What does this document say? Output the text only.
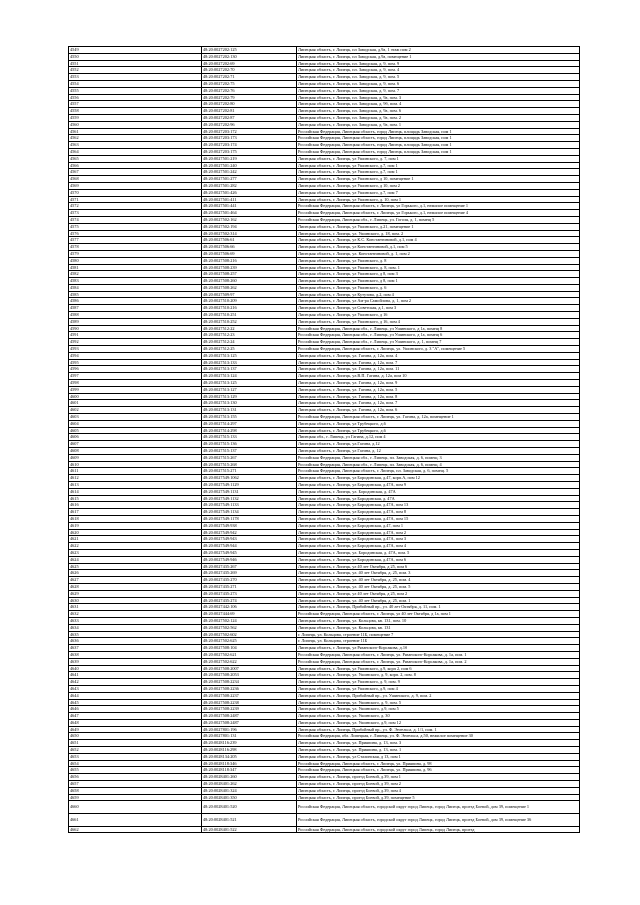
4549	48:20:0027202:125	Липецкая область, г. Липецк, пл Заводская, д.9а, 1 этаж пом 2
4550	48:20:0027202:130	Липецкая область, г. Липецк, пл Заводская, д.9а, помещение 1
4551	48:20:0027202:69	Липецкая область, г. Липецк, пл. Заводская, д. 9, пом. 9
4552	48:20:0027202:70	Липецкая область, г. Липецк, пл. Заводская, д. 9, пом. 4
4553	48:20:0027202:71	Липецкая область, г. Липецк, пл. Заводская, д. 9, пом. 5
4554	48:20:0027202:75	Липецкая область, г. Липецк, пл. Заводская, д. 9, пом. 6
4555	48:20:0027202:76	Липецкая область, г. Липецк, пл. Заводская, д. 9, пом. 7
4556	48:20:0027202:79	Липецкая область, г. Липецк, пл. Заводская, д. 9а, пом. 3
4557	48:20:0027202:80	Липецкая область, г. Липецк, пл. Заводская, д. 9б, пом. 4
4558	48:20:0027202:81	Липецкая область, г. Липецк, пл. Заводская, д. 9а, пом. 6
4559	48:20:0027202:87	Липецкая область, г. Липецк, пл. Заводская, д. 9а, пом. 2
4560	48:20:0027202:96	Липецкая область, г. Липецк, пл. Заводская, д. 9а, пом. 1
4561	48:20:0027203:172	Российская Федерация, Липецкая область, город Липецк, площадь Заводская, пом 1
4562	48:20:0027203:173	Российская Федерация, Липецкая область, город Липецк, площадь Заводская, пом 1
4563	48:20:0027203:174	Российская Федерация, Липецкая область, город Липецк, площадь Заводская, пом 1
4564	48:20:0027203:175	Российская Федерация, Липецкая область, город Липецк, площадь Заводская, пом 1
4565	48:20:0027501:219	Липецкая область, г. Липецк, ул Ушинского, д. 7, пом 1
4566	48:20:0027501:240	Липецкая область, г. Липецк, ул Ушинского, д.7, пом 1
4567	48:20:0027501:242	Липецкая область, г. Липецк, ул Ушинского, д.7, пом 1
4568	48:20:0027501:277	Липецкая область, г. Липецк, ул Ушинского, д 10, помещение 1
4569	48:20:0027501:282	Липецкая область, г. Липецк, ул Ушинского, д 10, пом 2
4570	48:20:0027501:426	Липецкая область, г. Липецк, ул Ушинского, д.7, пом 7
4571	48:20:0027501:411	Липецкая область, г. Липецк, ул Ушинского, д. 10, пом 1
4572	48:20:0027501:441	Российская Федерация, Липецкая область, г. Липецк, ул Горького, д.1, нежилое помещение 1
4573	48:20:0027501:464	Российская Федерация, Липецкая область, г. Липецк, ул Горького, д.1, нежилое помещение 4
4574	48:20:0027502:162	Российская Федерация, Липецкая обл., г. Липецк, ул. Гоголя, д. 1, помещ 5
4575	48:20:0027502:194	Липецкая область, г. Липецк, ул Ушинского, д.21, помещение 1
4576	48:20:0027502:314	Липецкая область, г. Липецк, ул. Ушинского, д. 18, пом. 2
4577	48:20:0027506:61	Липецкая область, г. Липецк, ул К.С. Константиновой, д.1, пом 4
4578	48:20:0027506:66	Липецкая область, г. Липецк, ул Константиновой, д.1, пом 5
4579	48:20:0027506:69	Липецкая область, г. Липецк, ул. Константиновой, д. 1, пом 2
4580	48:20:0027508:216	Липецкая область, г. Липецк, ул Ушинского, д. 8
4581	48:20:0027508:239	Липецкая область, г. Липецк, ул Ушинского, д. 8, пом. 1
4582	48:20:0027508:257	Липецкая область, г. Липецк, ул Ушинского, д 8, пом 3
4583	48:20:0027508:260	Липецкая область, г. Липецк, ул Ушинского, д 8, пом 1
4584	48:20:0027508:262	Липецкая область, г. Липецк, ул Ушинского, д. 6
4585	48:20:0027509:97	Липецкая область, г. Липецк, ул Кутузова, д.2, пом 4
4586	48:20:0027510:209	Липецкая область, г. Липецк, ул Ам-ра Самойлова, д. 1, пом 2
4587	48:20:0027510:216	Липецкая область, г. Липецк, ул Советская, д.1, пом 3
4588	48:20:0027510:251	Липецкая область, г. Липецк, ул Ушинского, д 16
4589	48:20:0027510:252	Липецкая область, г. Липецк, ул Ушинского, д 16, пом 4
4590	48:20:0027512:22	Российская Федерация, Липецкая обл., г. Липецк, ул Ушинского, д 1а, помещ 8
4591	48:20:0027512:23	Российская Федерация, Липецкая обл., г. Липецк, ул Ушинского, д 1а, помещ 6
4592	48:20:0027512:24	Российская Федерация, Липецкая обл., г. Липецк, ул Ушинского, д. 1, помещ 7
4593	48:20:0027512:25	Российская Федерация, Липецкая область, г. Липецк, ул. Ушинского, д. 3 "А", помещение 5
4594	48:20:0027513:125	Липецкая область, г. Липецк, ул. Гагина, д. 12а, пом. 4
4595	48:20:0027513:133	Липецкая область, г. Липецк, ул. Гагина, д. 12а, пом. 7
4596	48:20:0027513:137	Липецкая область, г. Липецк, ул. Гагина, д. 12а, пом. 11
4597	48:20:0027513:124	Липецкая область, г. Липецк, ул.В.П. Гагина, д. 12а, пом 10
4598	48:20:0027513:125	Липецкая область, г. Липецк, ул. Гагина, д. 12а, пом. 9
4599	48:20:0027513:127	Липецкая область, г. Липецк, ул. Гагина, д. 12а, пом. 5
4600	48:20:0027513:129	Липецкая область, г. Липецк, ул. Гагина, д. 12а, пом. 8
4601	48:20:0027513:130	Липецкая область, г. Липецк, ул. Гагина, д. 12а, пом. 7
4602	48:20:0027513:131	Липецкая область, г. Липецк, ул. Гагина, д. 12а, пом. 6
4603	48:20:0027513:155	Российская Федерация, Липецкая область, г. Липецк, ул. Гагина, д. 12а, помещение 1
4604	48:20:0027514:297	Липецкая область, г. Липецк, ул Трубецкого, д.6
4605	48:20:0027514:298	Липецкая область, г. Липецк, ул Трубецкого, д.6
4606	48:20:0027515:133	Липецкая обл., г. Липецк, ул Гагина, д.12, пом 4
4607	48:20:0027515:136	Липецкая область, г. Липецк, ул.Гагина, д.12
4608	48:20:0027515:137	Липецкая область, г. Липецк, ул Гагина, д. 12
4609	48:20:0027515:267	Российская Федерация, Липецкая обл., г. Липецк, пл. Заводская, д. 6, помещ. 3
4610	48:20:0027515:268	Российская Федерация, Липецкая обл., г. Липецк, пл. Заводская, д. 6, помещ. 4
4611	48:20:0027515:271	Российская Федерация, Липецкая область, г. Липецк, пл. Заводская, д. 6, помещ. 5
4612	48:20:0027549:1062	Липецкая область, г. Липецк, ул Бородинская, д.47, корп.А, пом 12
4613	48:20:0027549:1129	Липецкая область, г. Липецк, ул Бородинская, д.47А, пом 9
4614	48:20:0027549:1131	Липецкая область, г. Липецк, ул. Бородинская, д. 47А
4615	48:20:0027549:1132	Липецкая область, г. Липецк, ул Бородинская, д. 47А
4616	48:20:0027549:1133	Липецкая область, г. Липецк, ул Бородинская, д.47А, пом 13
4617	48:20:0027549:1134	Липецкая область, г. Липецк, ул Бородинская, д.47А, пом 8
4618	48:20:0027549:1178	Липецкая область, г. Липецк, ул Бородинская, д.47А, пом 15
4619	48:20:0027549:938	Липецкая область, г. Липецк, ул Бородинская, д.47, пом 1
4620	48:20:0027549:942	Липецкая область, г. Липецк, ул Бородинская, д.47А, пом 2
4621	48:20:0027549:943	Липецкая область, г. Липецк, ул Бородинская, д.47А, пом 3
4622	48:20:0027549:944	Липецкая область, г. Липецк, ул Бородинская, д.47А, пом 4
4623	48:20:0027549:945	Липецкая область, г. Липецк, ул. Бородинская, д. 47А, пом. 5
4624	48:20:0027549:946	Липецкая область, г. Липецк, ул Бородинская, д.47А, пом 6
4625	48:20:0027435:267	Липецкая область, г. Липецк, ул 40 лет Октября, д 25, пом 6
4626	48:20:0027435:269	Липецкая область, г. Липецк, ул. 40 лет Октября, д. 25, пом. 3
4627	48:20:0027435:270	Липецкая область, г. Липецк, ул. 40 лет Октября, д. 25, пом. 4
4628	48:20:0027435:271	Липецкая область, г. Липецк, ул. 40 лет Октября, д. 25, пом. 5
4629	48:20:0027435:273	Липецкая область, г. Липецк, ул 40 лет Октября, д 25, пом 2
4630	48:20:0027435:274	Липецкая область, г. Липецк, ул. 40 лет Октября, д. 25, пом. 1
4631	48:20:0027442:106	Липецкая область, г. Липецк, Прибойный пр., ул. 40 лет Октября, д. 11, пом. 1
4632	48:20:0027444:69	Российская Федерация, Липецкая область, г. Липецк, ул 40 лет Октября, д 1а, пом 1
4633	48:20:0027502:124	Липецкая область, г. Липецк, ул. Кольцова, кв. 131, пом. 10
4634	48:20:0027502:562	Липецкая область, г. Липецк, ул. Кольцова, кв. 131
4635	48:20:0027502:602	г. Липецк, ул. Кольцова, строение 11Б, помещение 7
4636	48:20:0027502:625	г. Липецк, ул. Кольцова, строение 11Б
4637	48:20:0027508:104	Липецкая область, г. Липецк, ул Рязанского-Корсакова, д.1б
4638	48:20:0027502:621	Российская Федерация, Липецкая область, г. Липецк, ул. Рязанского-Корсакова, д. 1а, пом. 1
4639	48:20:0027502:622	Российская Федерация, Липецкая область, г. Липецк, ул. Рязанского-Корсакова, д. 1а, пом. 2
4640	48:20:0027508:2007	Липецкая область, г. Липецк, ул Ушинского, д.9, корп 2, пом 6
4641	48:20:0027508:2053	Липецкая область, г. Липецк, ул. Ушинского, д. 9, корп. 2, пом. 8
4642	48:20:0027508:2234	Липецкая область, г. Липецк, ул Ушинского, д. 9, пом. 9
4643	48:20:0027508:2236	Липецкая область, г. Липецк, ул Ушинского, д.9, пом 4
4644	48:20:0027508:2237	Липецкая область, г. Липецк, Прибойный пр., ул. Ушинского, д. 9, пом. 2
4645	48:20:0027508:2238	Липецкая область, г. Липецк, ул. Ушинского, д. 9, пом. 5
4646	48:20:0027508:2239	Липецкая область, г. Липецк, ул. Ушинского, д.9, пом 5
4647	48:20:0027508:2487	Липецкая область, г. Липецк, ул. Ушинского, д. 30
4648	48:20:0027508:2487	Липецкая область, г. Липецк, ул. Ушинского, д.9, пом 12
4649	48:20:0027801:196	Липецкая область, г. Липецк, Прибойный пр., ул. Ф. Энгельса, д. 1/1, пом. 1
4650	48:20:0027801:131	Российская Федерация, обл. Липецкая, г. Липецк, ул. Ф. Энгельса, д.50, нежилое помещение 30
4651	48:20:0028116:239	Липецкая область, г. Липецк, ул. Прияпина, д. 13, пом. 3
4652	48:20:0028116:298	Липецкая область, г. Липецк, ул. Прияпина, д. 13, пом. 1
4653	48:20:0028134:205	Липецкая область, г. Липецк, ул Сталинская, д 13, пом 1
4654	48:20:0028118:346	Российская Федерация, Липецкая область, г. Липецк, ул. Прияпина, д. 98
4655	48:20:0028118:347	Российская Федерация, Липецкая область, г. Липецк, ул. Прияпина, д. 96
4656	48:20:0028401:260	Липецкая область, г. Липецк, проезд Боевой, д.39, пом 1
4657	48:20:0028401:262	Липецкая область, г. Липецк, проезд Боевой, д 39, пом 2
4658	48:20:0028401:324	Липецкая область, г. Липецк, проезд Боевой, д.39, пом 4
4659	48:20:0028401:350	Липецкая область, г. Липецк, проезд Боевой, д.39, помещение 5
4660	48:20:0028401:520	Российская Федерация, Липецкая область, городской округ город Липецк, город Липецк, проезд Боевой, дом 39, помещение 1
4661	48:20:0028401:521	Российская Федерация, Липецкая область, городской округ город Липецк, город Липецк, проезд Боевой, дом 39, помещение 36
4662	48:20:0028401:522	Российская Федерация, Липецкая область, городской округ город Липецк, город Липецк, проезд
